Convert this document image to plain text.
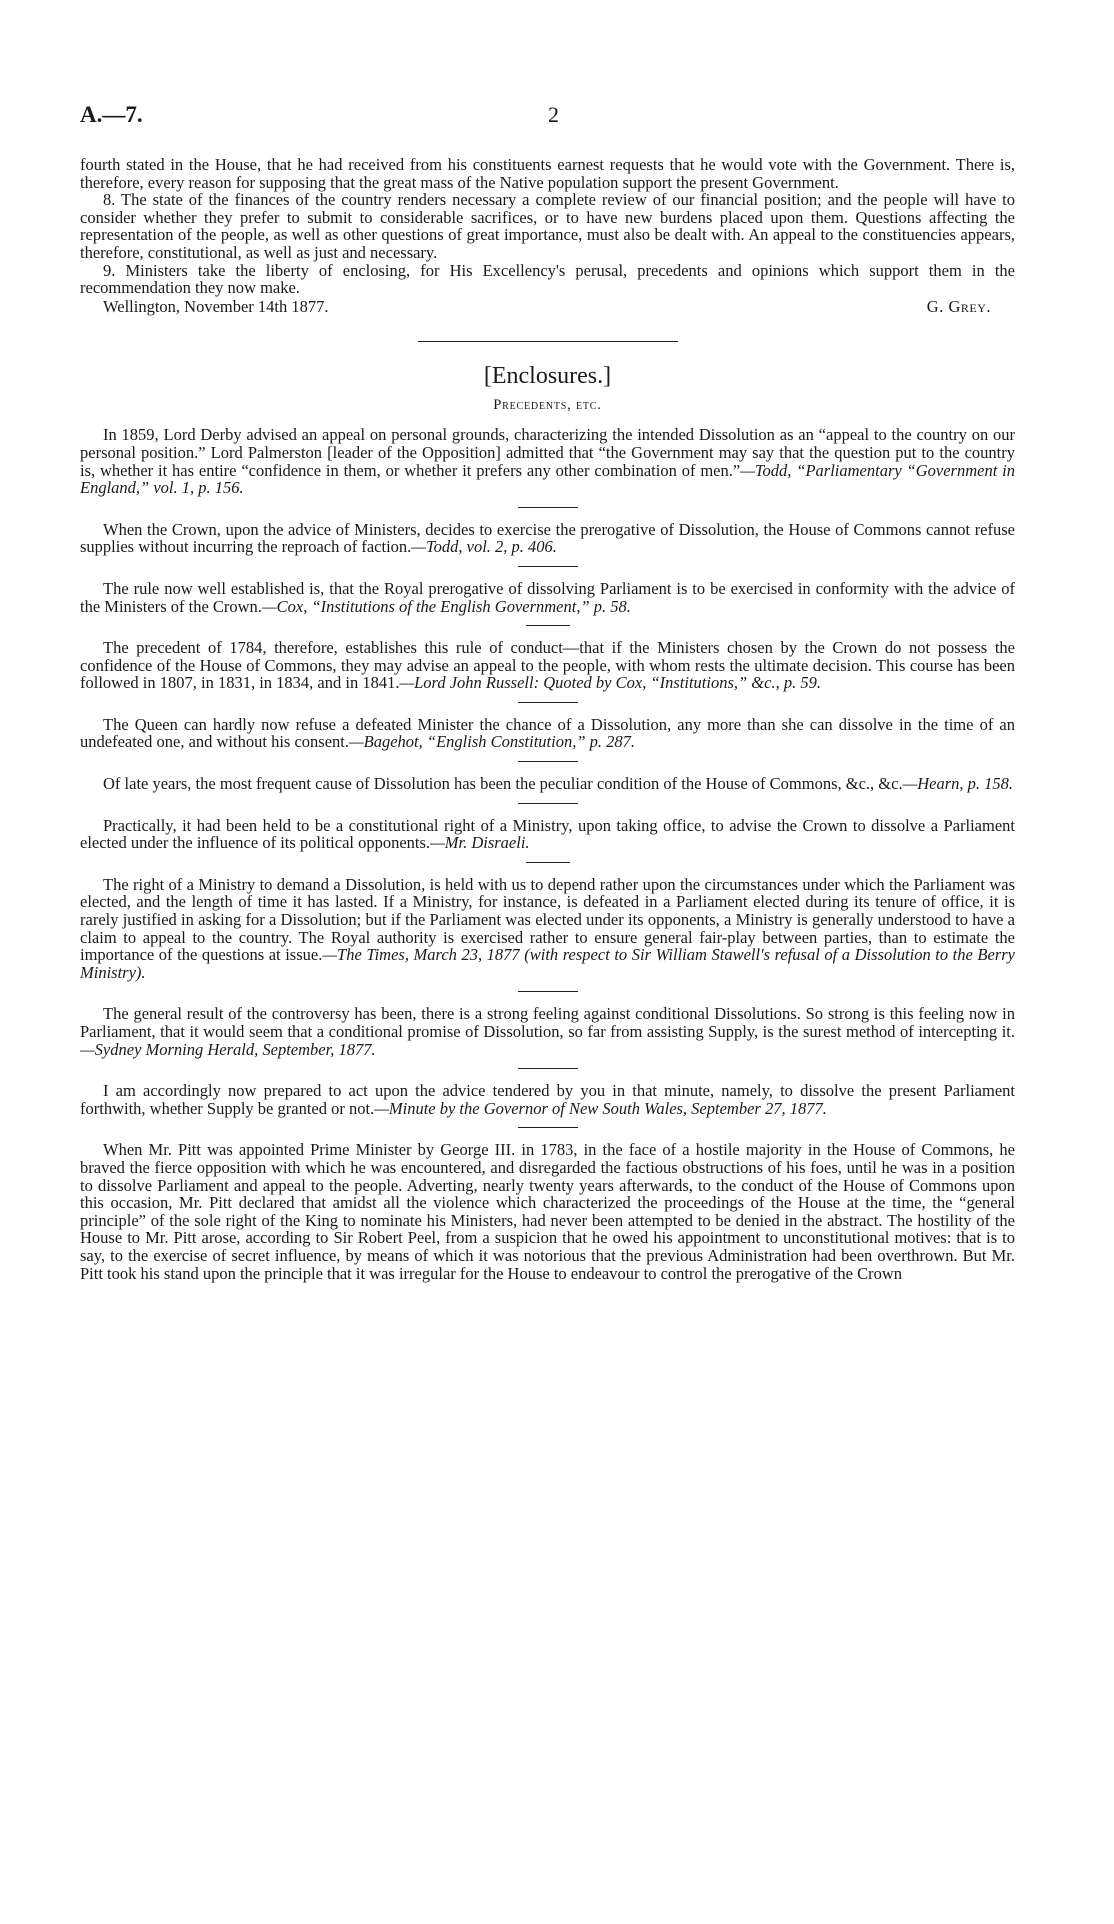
A.—7.	2

fourth stated in the House, that he had received from his constituents earnest requests that he would vote with the Government. There is, therefore, every reason for supposing that the great mass of the Native population support the present Government.

8. The state of the finances of the country renders necessary a complete review of our financial position; and the people will have to consider whether they prefer to submit to considerable sacrifices, or to have new burdens placed upon them. Questions affecting the representation of the people, as well as other questions of great importance, must also be dealt with. An appeal to the constituencies appears, therefore, constitutional, as well as just and necessary.

9. Ministers take the liberty of enclosing, for His Excellency's perusal, precedents and opinions which support them in the recommendation they now make.

Wellington, November 14th 1877.	G. Grey.

[Enclosures.]

Precedents, etc.

In 1859, Lord Derby advised an appeal on personal grounds, characterizing the intended Dissolution as an “appeal to the country on our personal position.” Lord Palmerston [leader of the Opposition] admitted that “the Government may say that the question put to the country is, whether it has entire “confidence in them, or whether it prefers any other combination of men.”—Todd, “Parliamentary “Government in England,” vol. 1, p. 156.

When the Crown, upon the advice of Ministers, decides to exercise the prerogative of Dissolution, the House of Commons cannot refuse supplies without incurring the reproach of faction.—Todd, vol. 2, p. 406.

The rule now well established is, that the Royal prerogative of dissolving Parliament is to be exercised in conformity with the advice of the Ministers of the Crown.—Cox, “Institutions of the English Government,” p. 58.

The precedent of 1784, therefore, establishes this rule of conduct—that if the Ministers chosen by the Crown do not possess the confidence of the House of Commons, they may advise an appeal to the people, with whom rests the ultimate decision. This course has been followed in 1807, in 1831, in 1834, and in 1841.—Lord John Russell: Quoted by Cox, “Institutions,” &c., p. 59.

The Queen can hardly now refuse a defeated Minister the chance of a Dissolution, any more than she can dissolve in the time of an undefeated one, and without his consent.—Bagehot, “English Constitution,” p. 287.

Of late years, the most frequent cause of Dissolution has been the peculiar condition of the House of Commons, &c., &c.—Hearn, p. 158.

Practically, it had been held to be a constitutional right of a Ministry, upon taking office, to advise the Crown to dissolve a Parliament elected under the influence of its political opponents.—Mr. Disraeli.

The right of a Ministry to demand a Dissolution, is held with us to depend rather upon the circumstances under which the Parliament was elected, and the length of time it has lasted. If a Ministry, for instance, is defeated in a Parliament elected during its tenure of office, it is rarely justified in asking for a Dissolution; but if the Parliament was elected under its opponents, a Ministry is generally understood to have a claim to appeal to the country. The Royal authority is exercised rather to ensure general fair-play between parties, than to estimate the importance of the questions at issue.—The Times, March 23, 1877 (with respect to Sir William Stawell's refusal of a Dissolution to the Berry Ministry).

The general result of the controversy has been, there is a strong feeling against conditional Dissolutions. So strong is this feeling now in Parliament, that it would seem that a conditional promise of Dissolution, so far from assisting Supply, is the surest method of intercepting it.—Sydney Morning Herald, September, 1877.

I am accordingly now prepared to act upon the advice tendered by you in that minute, namely, to dissolve the present Parliament forthwith, whether Supply be granted or not.—Minute by the Governor of New South Wales, September 27, 1877.

When Mr. Pitt was appointed Prime Minister by George III. in 1783, in the face of a hostile majority in the House of Commons, he braved the fierce opposition with which he was encountered, and disregarded the factious obstructions of his foes, until he was in a position to dissolve Parliament and appeal to the people. Adverting, nearly twenty years afterwards, to the conduct of the House of Commons upon this occasion, Mr. Pitt declared that amidst all the violence which characterized the proceedings of the House at the time, the “general principle” of the sole right of the King to nominate his Ministers, had never been attempted to be denied in the abstract. The hostility of the House to Mr. Pitt arose, according to Sir Robert Peel, from a suspicion that he owed his appointment to unconstitutional motives: that is to say, to the exercise of secret influence, by means of which it was notorious that the previous Administration had been overthrown. But Mr. Pitt took his stand upon the principle that it was irregular for the House to endeavour to control the prerogative of the Crown
